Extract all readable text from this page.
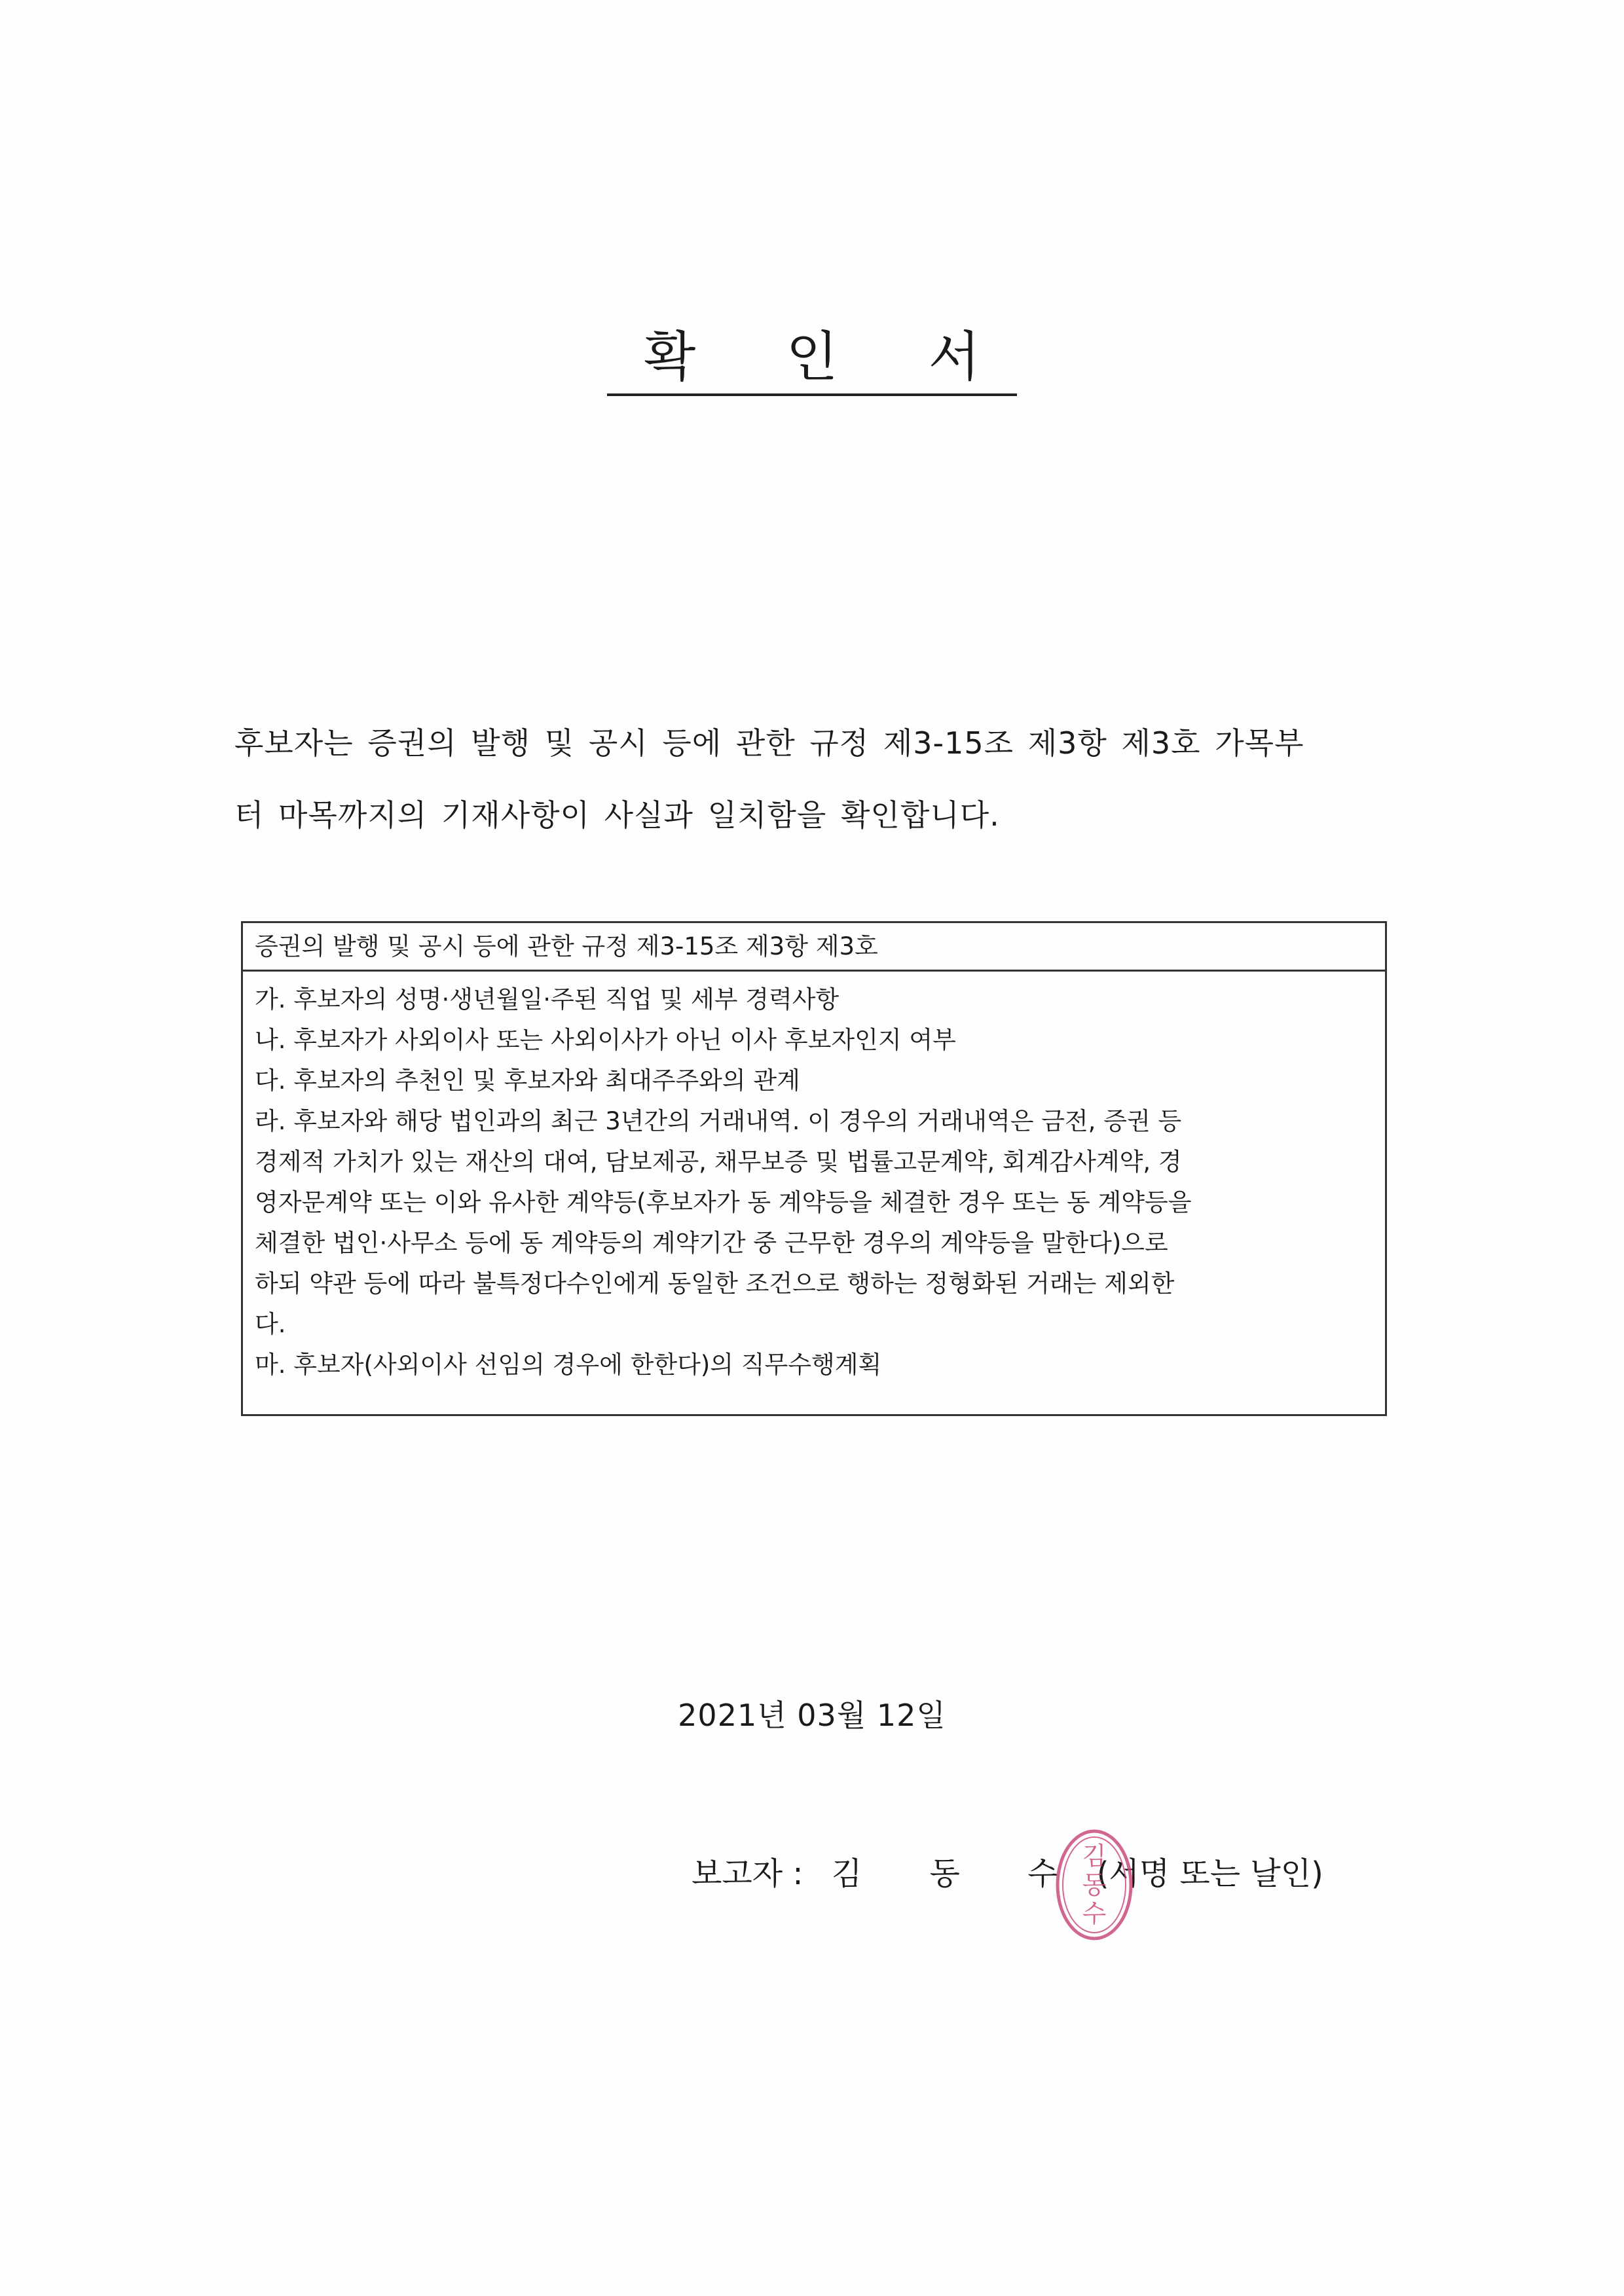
확 인 서
후보자는 증권의 발행 및 공시 등에 관한 규정 제3-15조 제3항 제3호 가목부
터 마목까지의 기재사항이 사실과 일치함을 확인합니다.
증권의 발행 및 공시 등에 관한 규정 제3-15조 제3항 제3호
가. 후보자의 성명·생년월일·주된 직업 및 세부 경력사항
나. 후보자가 사외이사 또는 사외이사가 아닌 이사 후보자인지 여부
다. 후보자의 추천인 및 후보자와 최대주주와의 관계
라. 후보자와 해당 법인과의 최근 3년간의 거래내역. 이 경우의 거래내역은 금전, 증권 등
경제적 가치가 있는 재산의 대여, 담보제공, 채무보증 및 법률고문계약, 회계감사계약, 경
영자문계약 또는 이와 유사한 계약등(후보자가 동 계약등을 체결한 경우 또는 동 계약등을
체결한 법인·사무소 등에 동 계약등의 계약기간 중 근무한 경우의 계약등을 말한다)으로
하되 약관 등에 따라 불특정다수인에게 동일한 조건으로 행하는 정형화된 거래는 제외한
다.
마. 후보자(사외이사 선임의 경우에 한한다)의 직무수행계획
2021년 03월 12일
보고자 : 김 동 수 (서명 또는 날인)
김 동 수
